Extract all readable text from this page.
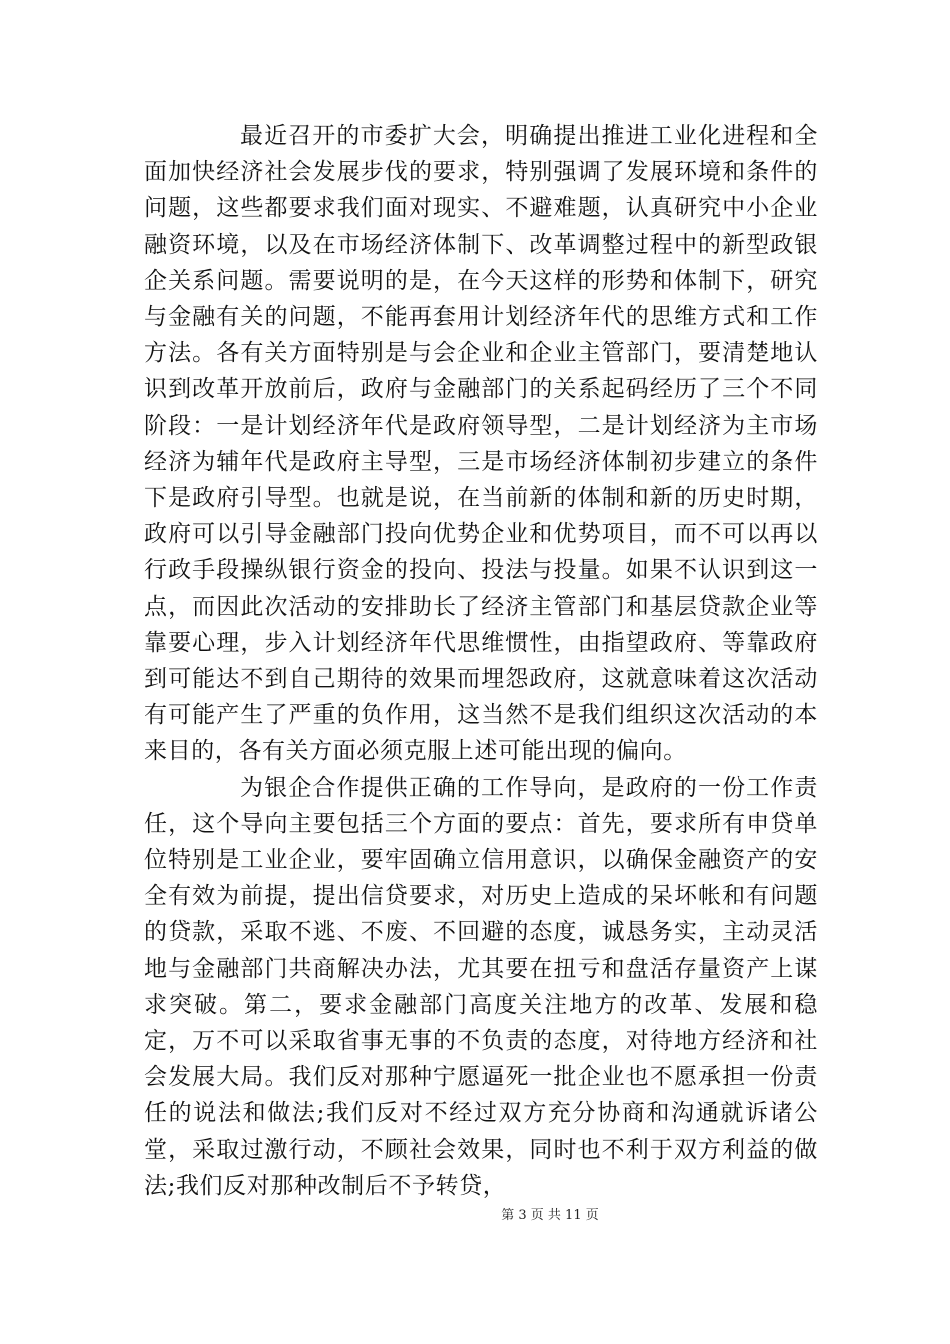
最近召开的市委扩大会，明确提出推进工业化进程和全面加快经济社会发展步伐的要求，特别强调了发展环境和条件的问题，这些都要求我们面对现实、不避难题，认真研究中小企业融资环境，以及在市场经济体制下、改革调整过程中的新型政银企关系问题。需要说明的是，在今天这样的形势和体制下，研究与金融有关的问题，不能再套用计划经济年代的思维方式和工作方法。各有关方面特别是与会企业和企业主管部门，要清楚地认识到改革开放前后，政府与金融部门的关系起码经历了三个不同阶段：一是计划经济年代是政府领导型，二是计划经济为主市场经济为辅年代是政府主导型，三是市场经济体制初步建立的条件下是政府引导型。也就是说，在当前新的体制和新的历史时期，政府可以引导金融部门投向优势企业和优势项目，而不可以再以行政手段操纵银行资金的投向、投法与投量。如果不认识到这一点，而因此次活动的安排助长了经济主管部门和基层贷款企业等靠要心理，步入计划经济年代思维惯性，由指望政府、等靠政府到可能达不到自己期待的效果而埋怨政府，这就意味着这次活动有可能产生了严重的负作用，这当然不是我们组织这次活动的本来目的，各有关方面必须克服上述可能出现的偏向。

为银企合作提供正确的工作导向，是政府的一份工作责任，这个导向主要包括三个方面的要点：首先，要求所有申贷单位特别是工业企业，要牢固确立信用意识，以确保金融资产的安全有效为前提，提出信贷要求，对历史上造成的呆坏帐和有问题的贷款，采取不逃、不废、不回避的态度，诚恳务实，主动灵活地与金融部门共商解决办法，尤其要在扭亏和盘活存量资产上谋求突破。第二，要求金融部门高度关注地方的改革、发展和稳定，万不可以采取省事无事的不负责的态度，对待地方经济和社会发展大局。我们反对那种宁愿逼死一批企业也不愿承担一份责任的说法和做法;我们反对不经过双方充分协商和沟通就诉诸公堂，采取过激行动，不顾社会效果，同时也不利于双方利益的做法;我们反对那种改制后不予转贷，

第 3 页 共 11 页
